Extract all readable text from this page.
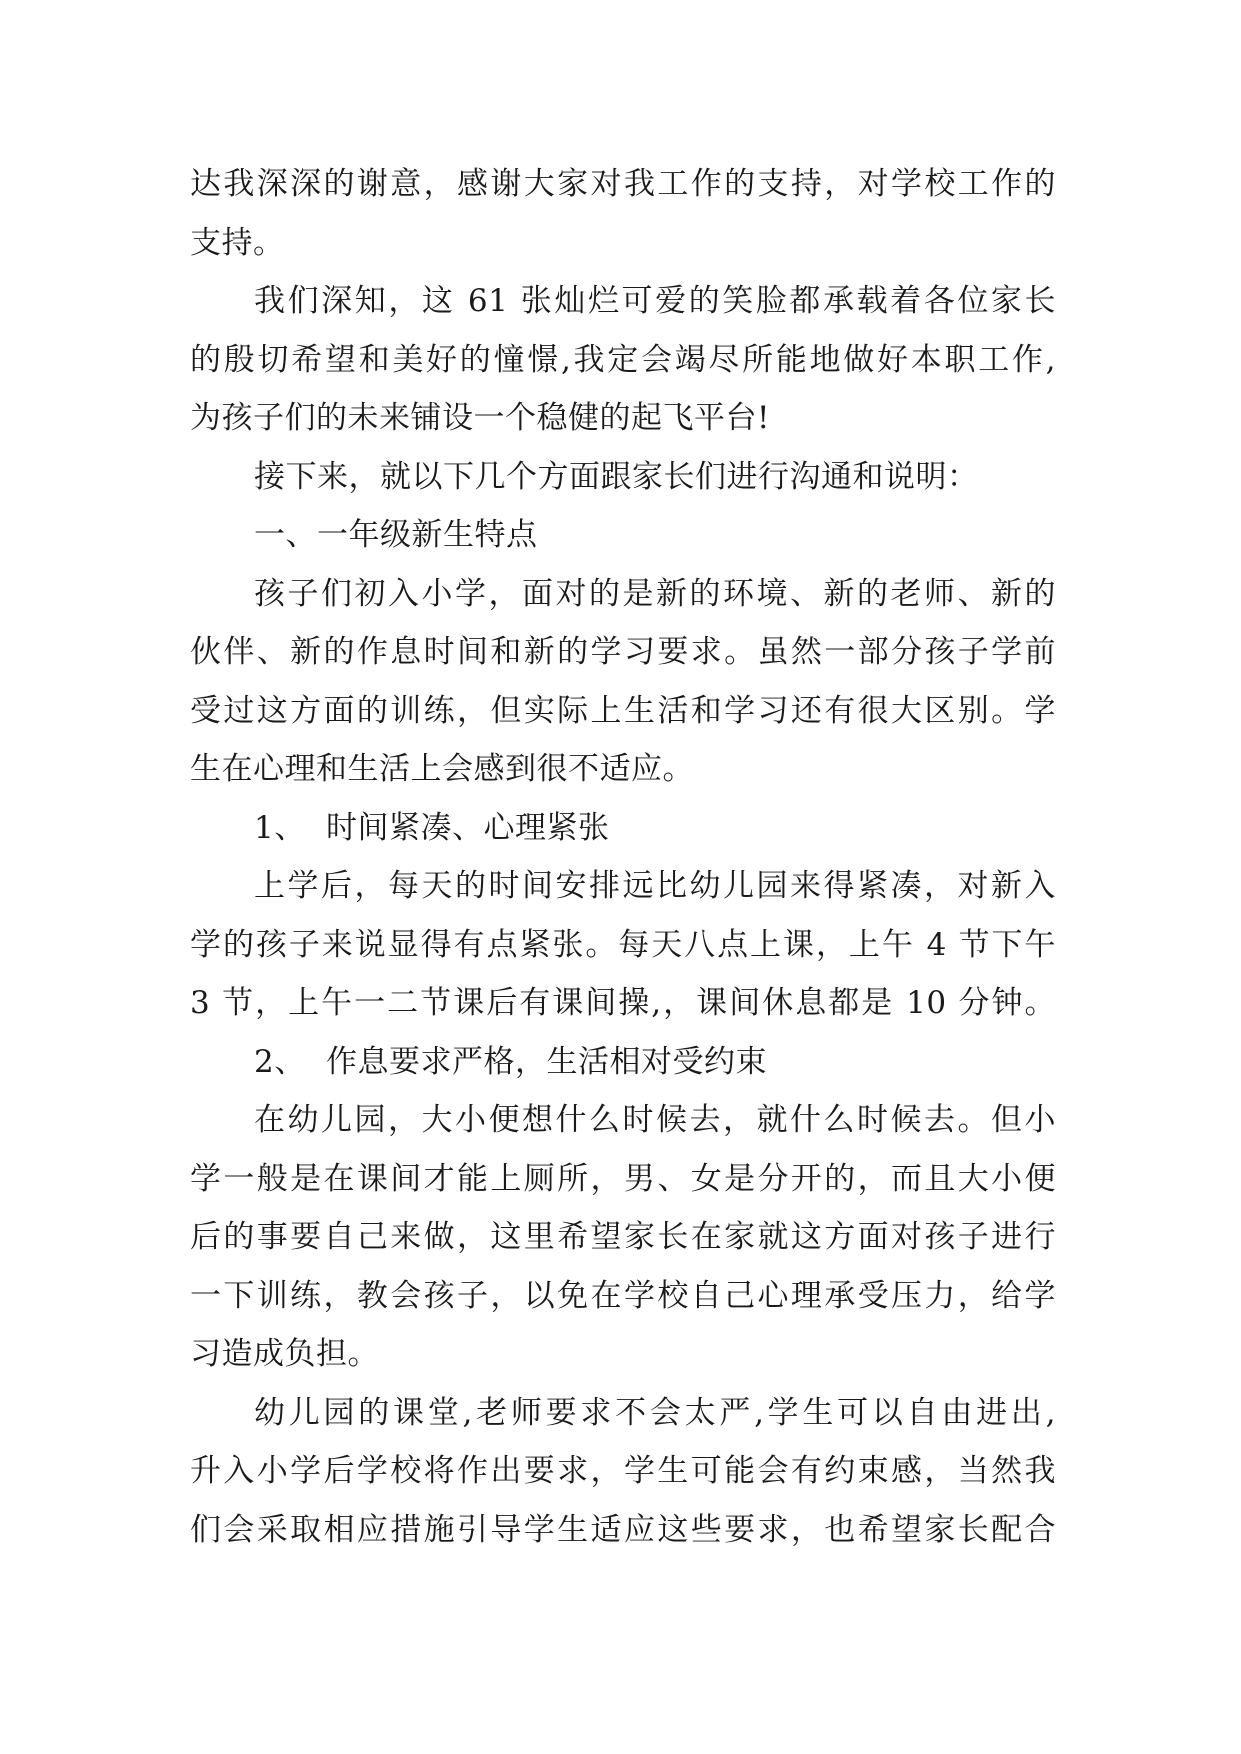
达我深深的谢意，感谢大家对我工作的支持，对学校工作的
支持。
我们深知，这 61 张灿烂可爱的笑脸都承载着各位家长
的殷切希望和美好的憧憬,我定会竭尽所能地做好本职工作,
为孩子们的未来铺设一个稳健的起飞平台!
接下来，就以下几个方面跟家长们进行沟通和说明：
一、一年级新生特点
孩子们初入小学，面对的是新的环境、新的老师、新的
伙伴、新的作息时间和新的学习要求。虽然一部分孩子学前
受过这方面的训练，但实际上生活和学习还有很大区别。学
生在心理和生活上会感到很不适应。
1、 时间紧凑、心理紧张
上学后，每天的时间安排远比幼儿园来得紧凑，对新入
学的孩子来说显得有点紧张。每天八点上课，上午 4 节下午
3 节，上午一二节课后有课间操,，课间休息都是 10 分钟。
2、 作息要求严格，生活相对受约束
在幼儿园，大小便想什么时候去，就什么时候去。但小
学一般是在课间才能上厕所，男、女是分开的，而且大小便
后的事要自己来做，这里希望家长在家就这方面对孩子进行
一下训练，教会孩子，以免在学校自己心理承受压力，给学
习造成负担。
幼儿园的课堂,老师要求不会太严,学生可以自由进出,
升入小学后学校将作出要求，学生可能会有约束感，当然我
们会采取相应措施引导学生适应这些要求，也希望家长配合
